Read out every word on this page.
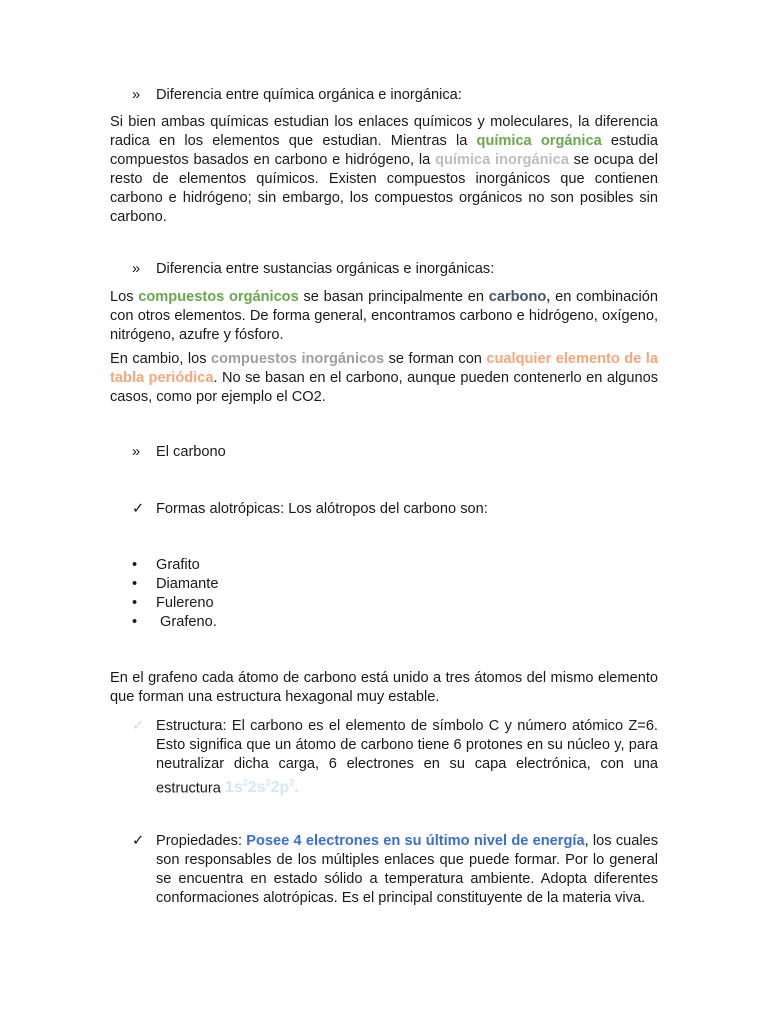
»	Diferencia entre química orgánica e inorgánica:

Si bien ambas químicas estudian los enlaces químicos y moleculares, la diferencia radica en los elementos que estudian. Mientras la química orgánica estudia compuestos basados en carbono e hidrógeno, la química inorgánica se ocupa del resto de elementos químicos. Existen compuestos inorgánicos que contienen carbono e hidrógeno; sin embargo, los compuestos orgánicos no son posibles sin carbono.

»	Diferencia entre sustancias orgánicas e inorgánicas:

Los compuestos orgánicos se basan principalmente en carbono, en combinación con otros elementos. De forma general, encontramos carbono e hidrógeno, oxígeno, nitrógeno, azufre y fósforo.

En cambio, los compuestos inorgánicos se forman con cualquier elemento de la tabla periódica. No se basan en el carbono, aunque pueden contenerlo en algunos casos, como por ejemplo el CO2.

»	El carbono
✓ Formas alotrópicas: Los alótropos del carbono son:
• Grafito
• Diamante
• Fulereno
• Grafeno.

En el grafeno cada átomo de carbono está unido a tres átomos del mismo elemento que forman una estructura hexagonal muy estable.

✓ Estructura: El carbono es el elemento de símbolo C y número atómico Z=6. Esto significa que un átomo de carbono tiene 6 protones en su núcleo y, para neutralizar dicha carga, 6 electrones en su capa electrónica, con una estructura $1s^22s^22p^2$.
✓ Propiedades: Posee 4 electrones en su último nivel de energía, los cuales son responsables de los múltiples enlaces que puede formar. Por lo general se encuentra en estado sólido a temperatura ambiente. Adopta diferentes conformaciones alotrópicas. Es el principal constituyente de la materia viva.
